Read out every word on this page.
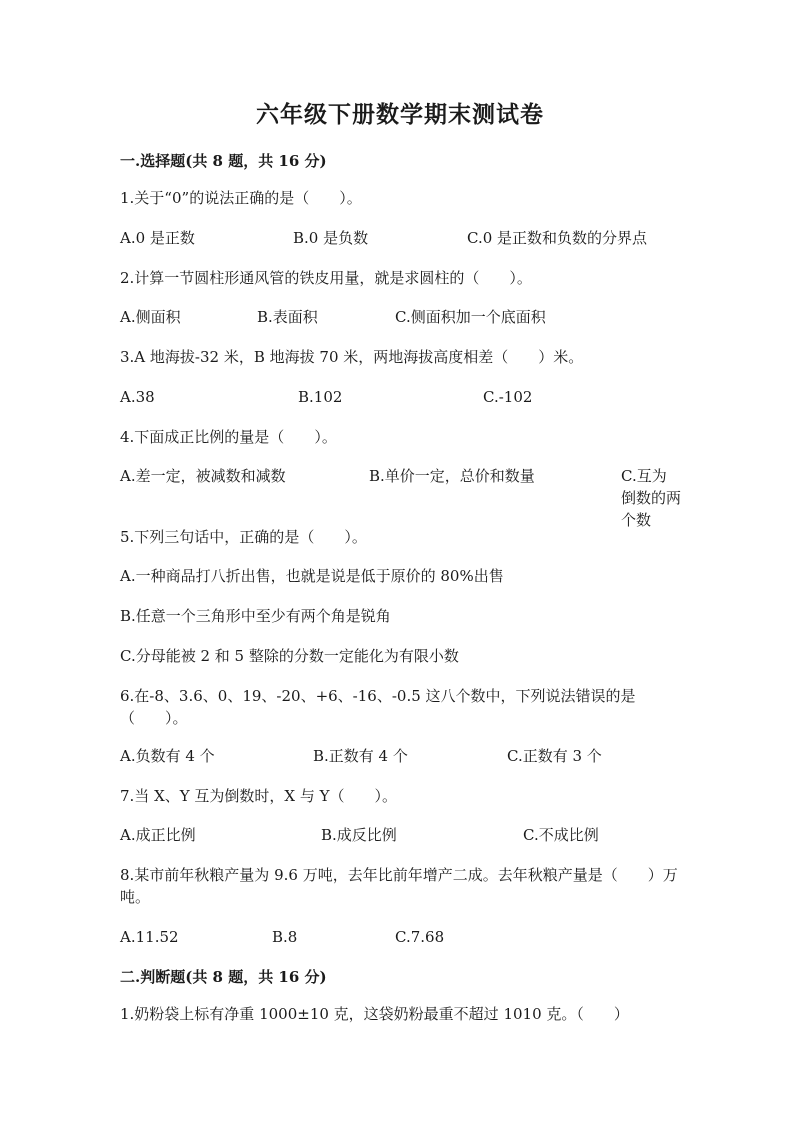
六年级下册数学期末测试卷
一.选择题(共 8 题，共 16 分)
1.关于“0”的说法正确的是（　　）。
A.0 是正数	B.0 是负数	C.0 是正数和负数的分界点
2.计算一节圆柱形通风管的铁皮用量，就是求圆柱的（　　）。
A.侧面积	B.表面积	C.侧面积加一个底面积
3.A 地海拔-32 米，B 地海拔 70 米，两地海拔高度相差（　　）米。
A.38	B.102	C.-102
4.下面成正比例的量是（　　）。
A.差一定，被减数和减数	B.单价一定，总价和数量	C.互为倒数的两个数
5.下列三句话中，正确的是（　　）。
A.一种商品打八折出售，也就是说是低于原价的 80%出售
B.任意一个三角形中至少有两个角是锐角
C.分母能被 2 和 5 整除的分数一定能化为有限小数
6.在-8、3.6、0、19、-20、+6、-16、-0.5 这八个数中，下列说法错误的是（　　）。
A.负数有 4 个	B.正数有 4 个	C.正数有 3 个
7.当 X、Y 互为倒数时，X 与 Y（　　）。
A.成正比例	B.成反比例	C.不成比例
8.某市前年秋粮产量为 9.6 万吨，去年比前年增产二成。去年秋粮产量是（　　）万吨。
A.11.52	B.8	C.7.68
二.判断题(共 8 题，共 16 分)
1.奶粉袋上标有净重 1000±10 克，这袋奶粉最重不超过 1010 克。（　　）
